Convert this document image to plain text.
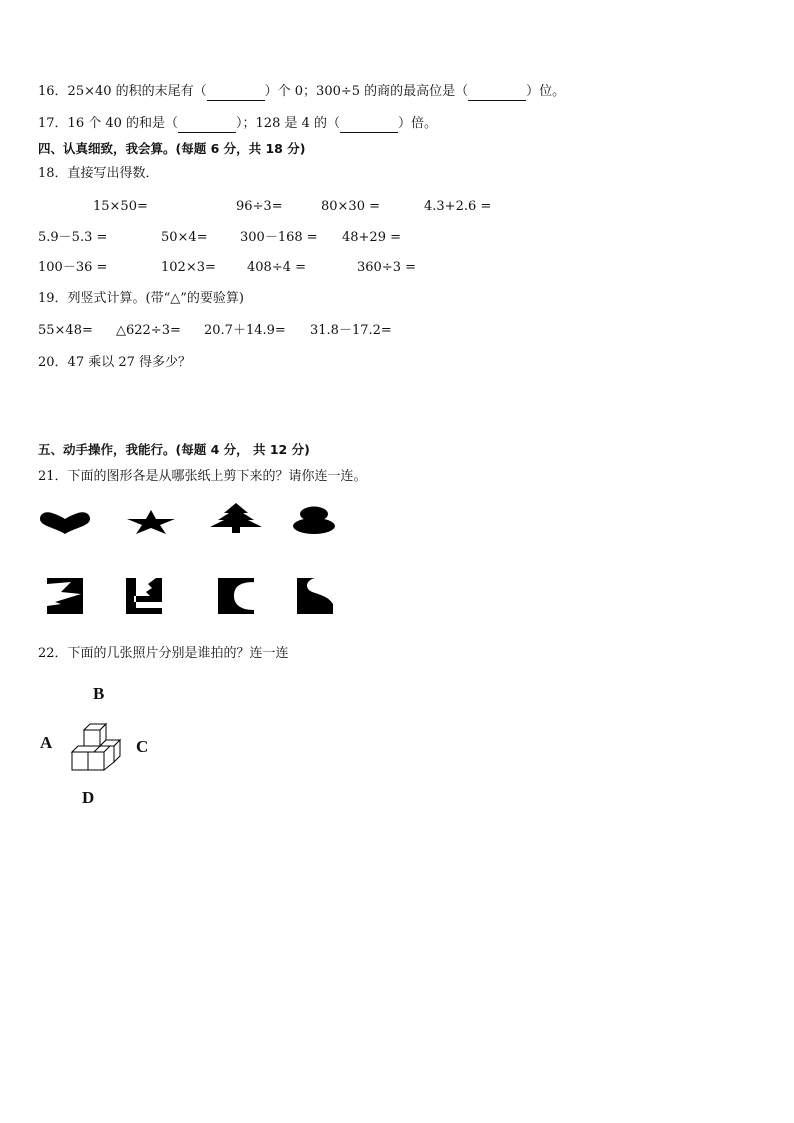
16．25×40 的积的末尾有（	）个 0；300÷5 的商的最高位是（	）位。
17．16 个 40 的和是（	）；128 是 4 的（	）倍。
四、认真细致，我会算。(每题 6 分，共 18 分)
18．直接写出得数．
15×50=	96÷3=	80×30 =	4.3+2.6 =
5.9－5.3 =	50×4= 300－168 = 48+29 =
100－36 =	102×3= 408÷4 =	360÷3 =
19．列竖式计算。(带“△”的要验算)
55×48= △622÷3= 20.7＋14.9= 31.8－17.2=
20．47 乘以 27 得多少？
五、动手操作，我能行。(每题 4 分， 共 12 分)
21．下面的图形各是从哪张纸上剪下来的？请你连一连。
22．下面的几张照片分别是谁拍的？连一连
B
A	C
D
